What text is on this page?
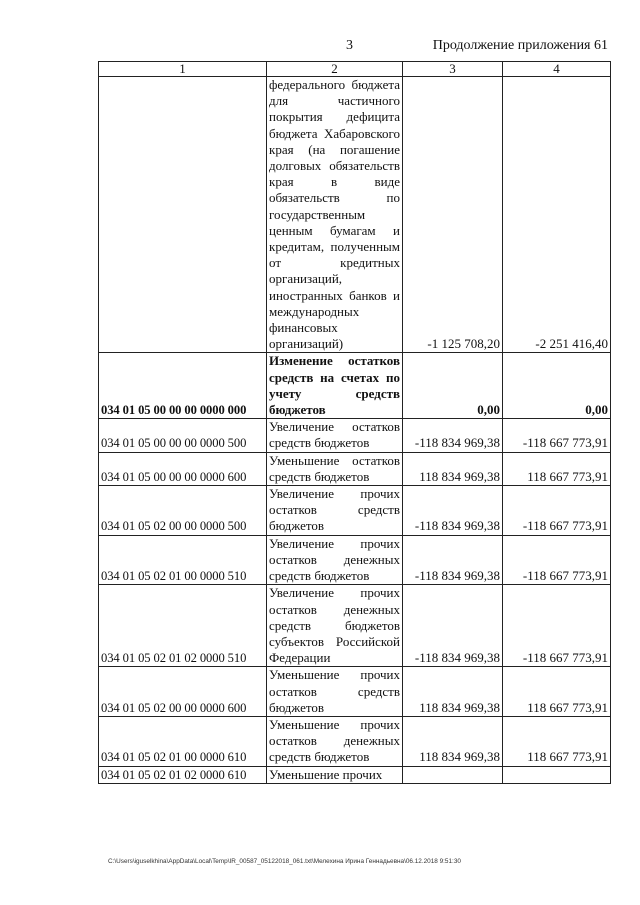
3	Продолжение приложения 61
1	2	3	4
	федерального бюджета для частичного покрытия дефицита бюджета Хабаровского края (на погашение долговых обязательств края в виде обязательств по государственным ценным бумагам и кредитам, полученным от кредитных организаций, иностранных банков и международных финансовых организаций)	-1 125 708,20	-2 251 416,40
034 01 05 00 00 00 0000 000	Изменение остатков средств на счетах по учету средств бюджетов	0,00	0,00
034 01 05 00 00 00 0000 500	Увеличение остатков средств бюджетов	-118 834 969,38	-118 667 773,91
034 01 05 00 00 00 0000 600	Уменьшение остатков средств бюджетов	118 834 969,38	118 667 773,91
034 01 05 02 00 00 0000 500	Увеличение прочих остатков средств бюджетов	-118 834 969,38	-118 667 773,91
034 01 05 02 01 00 0000 510	Увеличение прочих остатков денежных средств бюджетов	-118 834 969,38	-118 667 773,91
034 01 05 02 01 02 0000 510	Увеличение прочих остатков денежных средств бюджетов субъектов Российской Федерации	-118 834 969,38	-118 667 773,91
034 01 05 02 00 00 0000 600	Уменьшение прочих остатков средств бюджетов	118 834 969,38	118 667 773,91
034 01 05 02 01 00 0000 610	Уменьшение прочих остатков денежных средств бюджетов	118 834 969,38	118 667 773,91
034 01 05 02 01 02 0000 610	Уменьшение прочих		
C:\Users\iguselkhina\AppData\Local\Temp\IR_00587_05122018_061.txt\Мелехина Ирина Геннадьевна\06.12.2018 9:51:30
